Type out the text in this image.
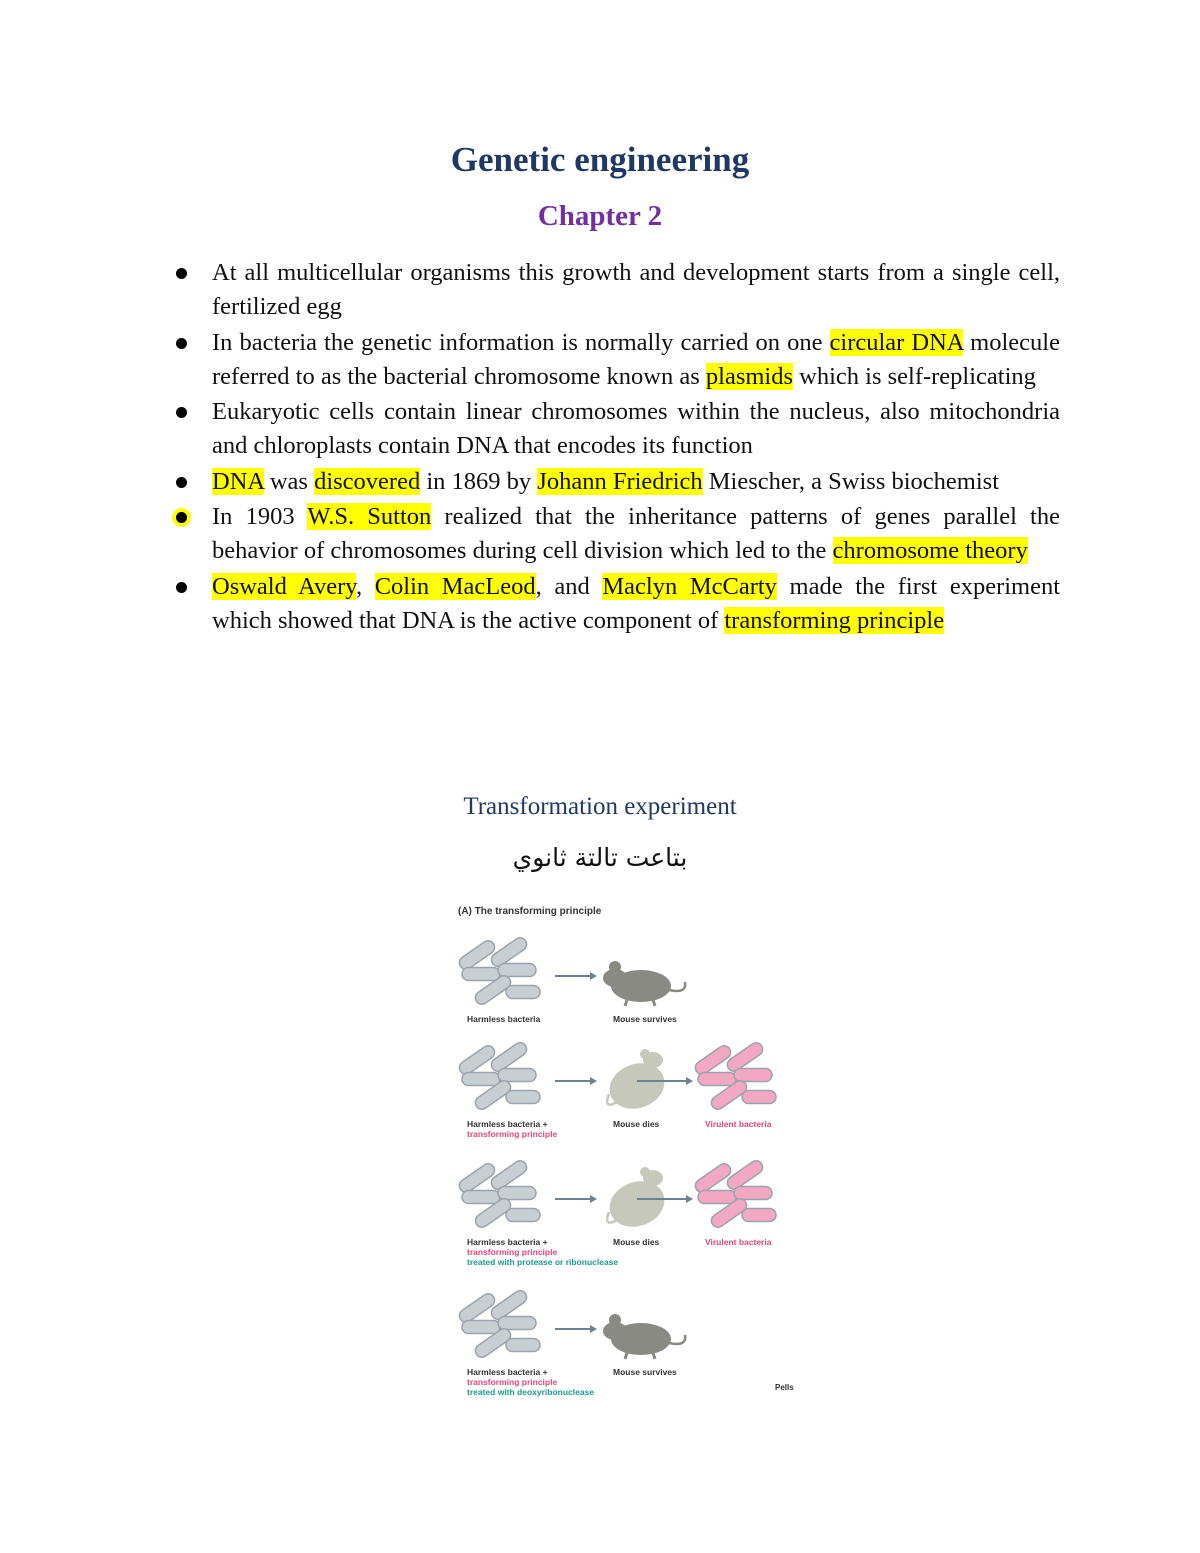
Genetic engineering
Chapter 2
At all multicellular organisms this growth and development starts from a single cell, fertilized egg
In bacteria the genetic information is normally carried on one circular DNA molecule referred to as the bacterial chromosome known as plasmids which is self-replicating
Eukaryotic cells contain linear chromosomes within the nucleus, also mitochondria and chloroplasts contain DNA that encodes its function
DNA was discovered in 1869 by Johann Friedrich Miescher, a Swiss biochemist
In 1903 W.S. Sutton realized that the inheritance patterns of genes parallel the behavior of chromosomes during cell division which led to the chromosome theory
Oswald Avery, Colin MacLeod, and Maclyn McCarty made the first experiment which showed that DNA is the active component of transforming principle
Transformation experiment
بتاعت تالتة ثانوي
(A) The transforming principle
Harmless bacteria	Mouse survives
Harmless bacteria +
transforming principle
Mouse dies	Virulent bacteria
Harmless bacteria +
transforming principle
treated with protease or ribonuclease
Mouse dies	Virulent bacteria
Harmless bacteria +
transforming principle
treated with deoxyribonuclease
Mouse survives
Pells
